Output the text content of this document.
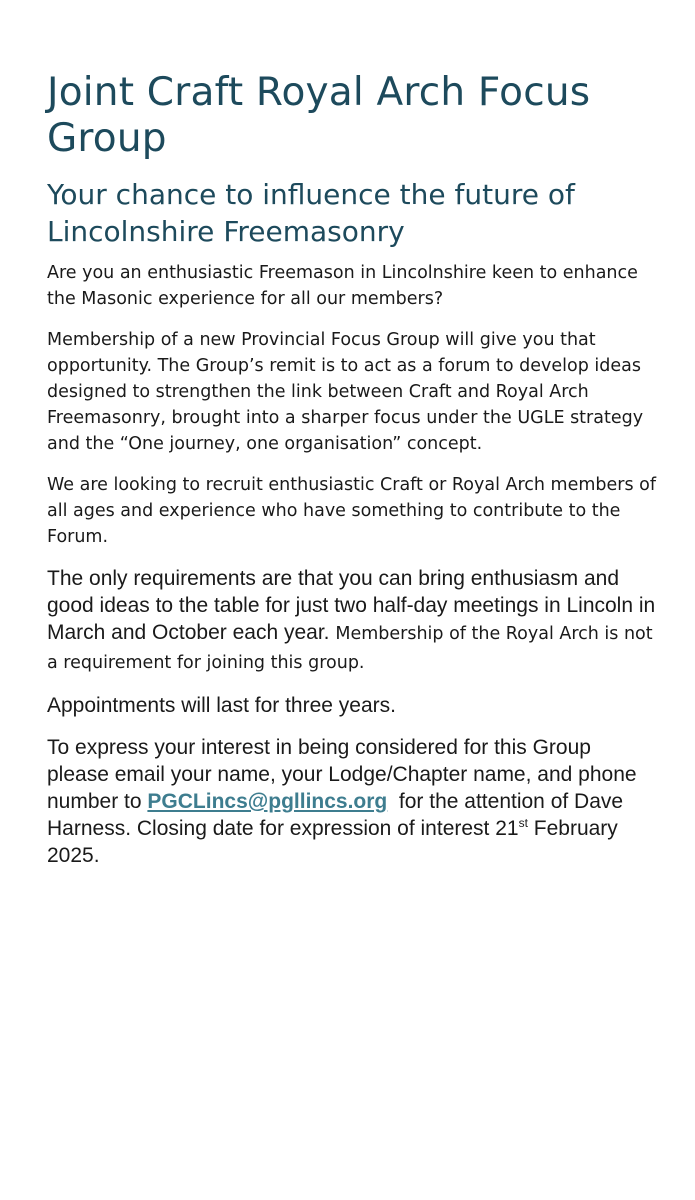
Joint Craft Royal Arch Focus Group
Your chance to influence the future of Lincolnshire Freemasonry

Are you an enthusiastic Freemason in Lincolnshire keen to enhance the Masonic experience for all our members?

Membership of a new Provincial Focus Group will give you that opportunity. The Group’s remit is to act as a forum to develop ideas designed to strengthen the link between Craft and Royal Arch Freemasonry, brought into a sharper focus under the UGLE strategy and the “One journey, one organisation” concept.

We are looking to recruit enthusiastic Craft or Royal Arch members of all ages and experience who have something to contribute to the Forum.

The only requirements are that you can bring enthusiasm and good ideas to the table for just two half-day meetings in Lincoln in March and October each year. Membership of the Royal Arch is not a requirement for joining this group.

Appointments will last for three years.

To express your interest in being considered for this Group please email your name, your Lodge/Chapter name, and phone number to PGCLincs@pgllincs.org for the attention of Dave Harness. Closing date for expression of interest 21st February 2025.
